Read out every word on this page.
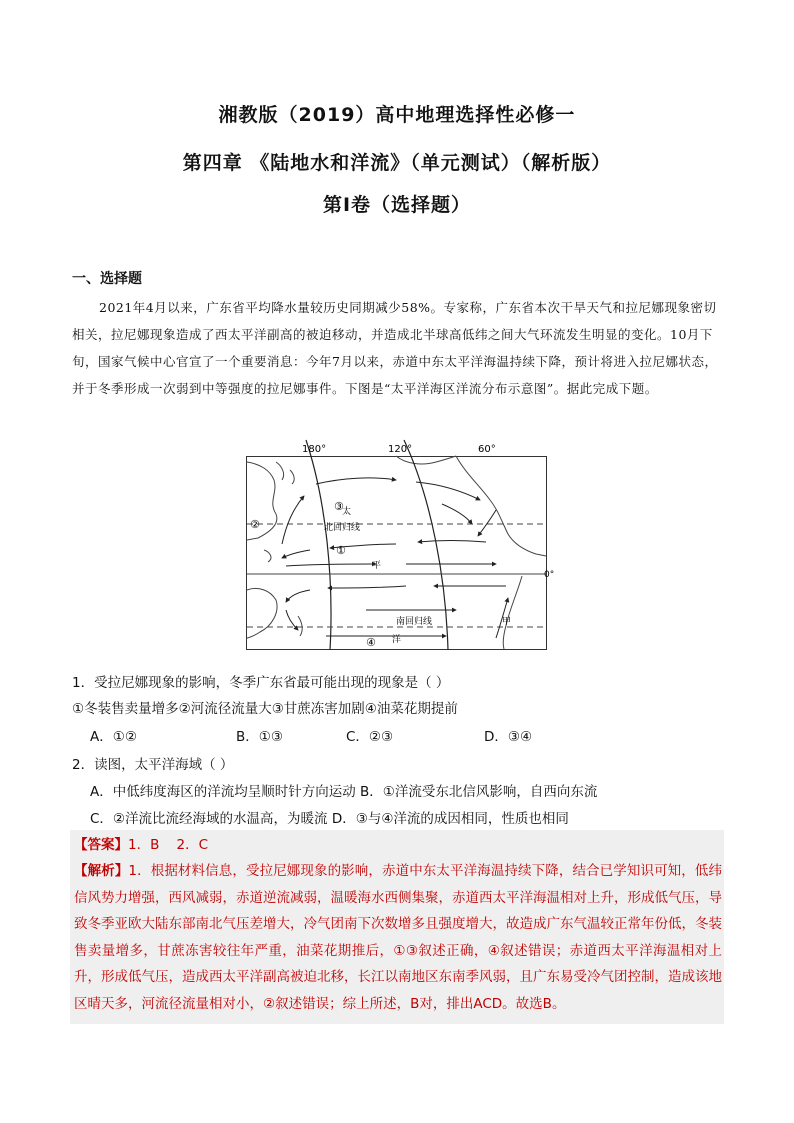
湘教版（2019）高中地理选择性必修一
第四章 《陆地水和洋流》（单元测试）（解析版）
第Ⅰ卷（选择题）
一、选择题
2021年4月以来，广东省平均降水量较历史同期减少58%。专家称，广东省本次干旱天气和拉尼娜现象密切相关，拉尼娜现象造成了西太平洋副高的被迫移动，并造成北半球高低纬之间大气环流发生明显的变化。10月下旬，国家气候中心官宣了一个重要消息：今年7月以来，赤道中东太平洋海温持续下降，预计将进入拉尼娜状态，并于冬季形成一次弱到中等强度的拉尼娜事件。下图是“太平洋海区洋流分布示意图”。据此完成下题。
180°	120°	60°
0°
太
北回归线
平
南回归线
洋
甲
①
②
③
④
1．受拉尼娜现象的影响，冬季广东省最可能出现的现象是（ ）
①冬装售卖量增多②河流径流量大③甘蔗冻害加剧④油菜花期提前
A．①②	B．①③	C．②③	D．③④
2．读图，太平洋海域（ ）
A．中低纬度海区的洋流均呈顺时针方向运动 B．①洋流受东北信风影响，自西向东流
C．②洋流比流经海域的水温高，为暖流 D．③与④洋流的成因相同，性质也相同
【答案】1．B    2．C
【解析】1．根据材料信息，受拉尼娜现象的影响，赤道中东太平洋海温持续下降，结合已学知识可知，低纬信风势力增强，西风减弱，赤道逆流减弱，温暖海水西侧集聚，赤道西太平洋海温相对上升，形成低气压，导致冬季亚欧大陆东部南北气压差增大，冷气团南下次数增多且强度增大，故造成广东气温较正常年份低，冬装售卖量增多，甘蔗冻害较往年严重，油菜花期推后，①③叙述正确，④叙述错误；赤道西太平洋海温相对上升，形成低气压，造成西太平洋副高被迫北移，长江以南地区东南季风弱，且广东易受冷气团控制，造成该地区晴天多，河流径流量相对小，②叙述错误；综上所述，B对，排出ACD。故选B。
